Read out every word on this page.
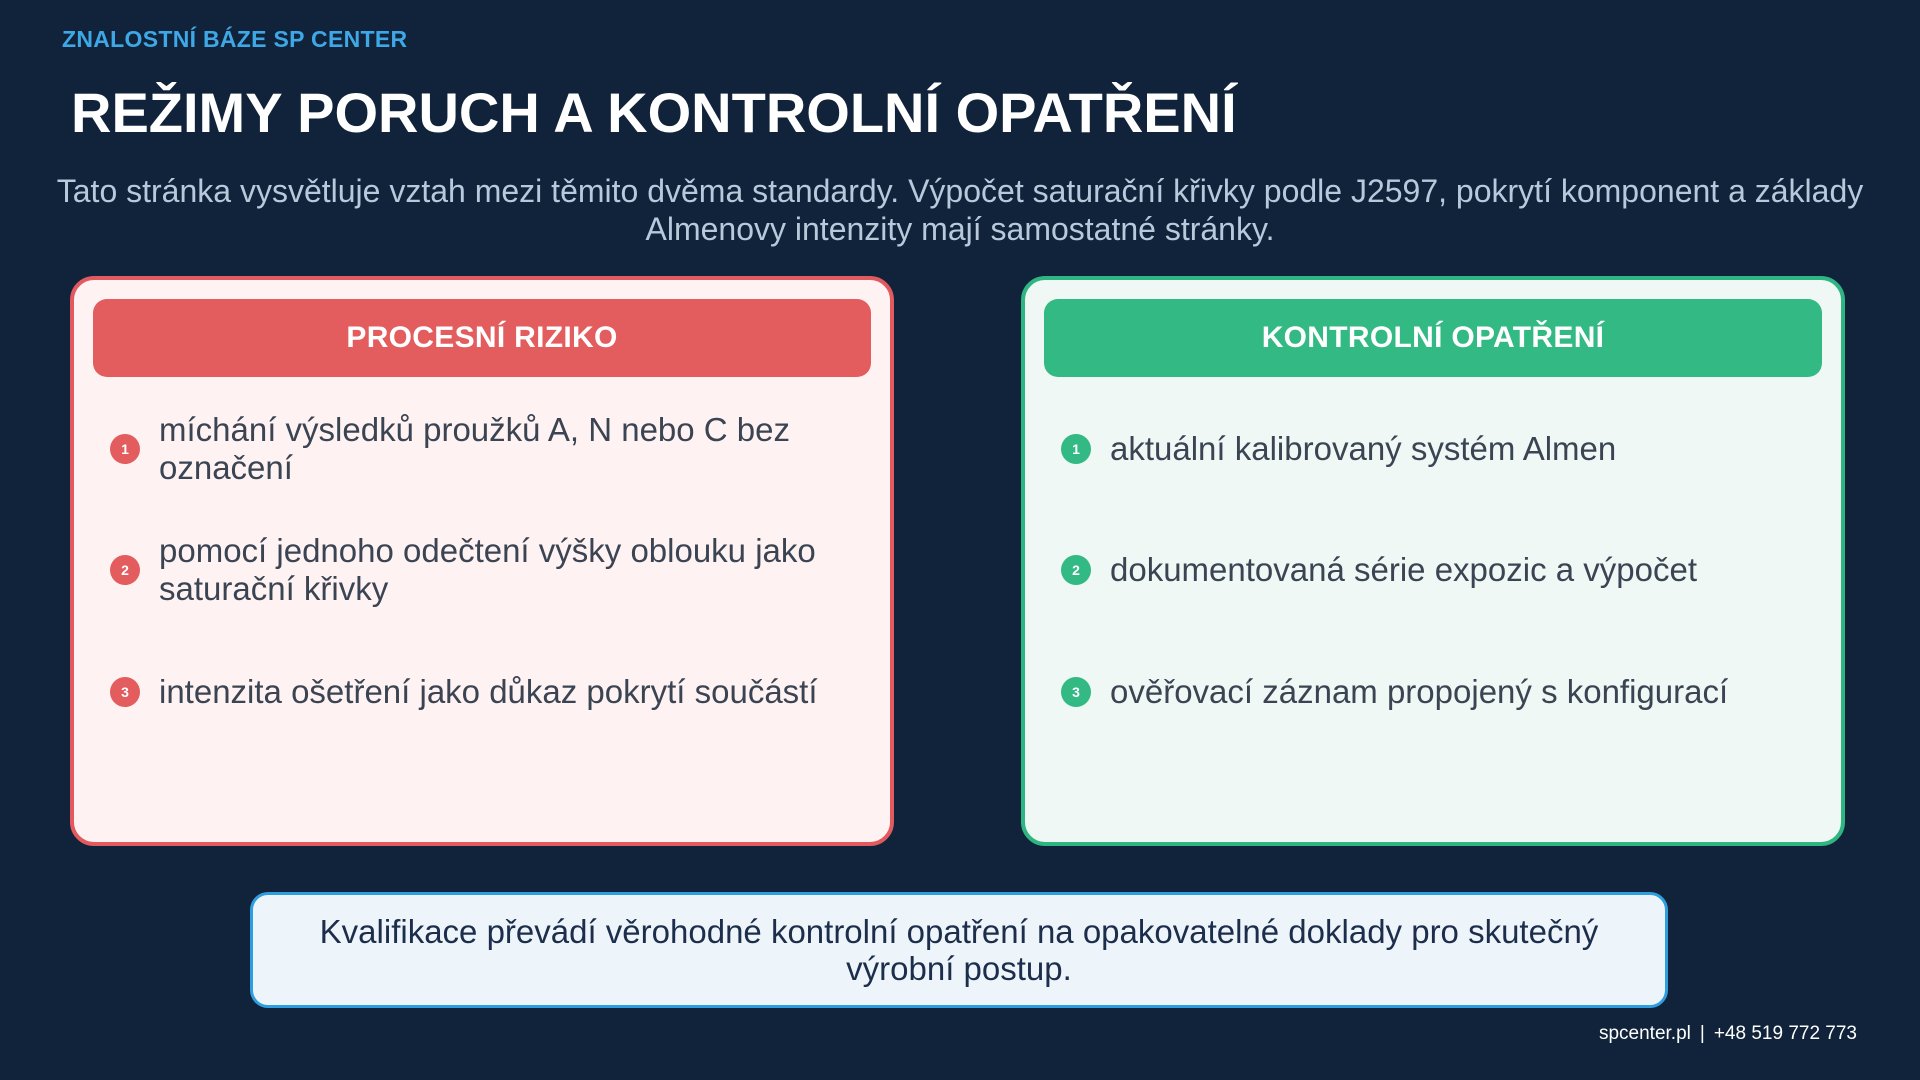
ZNALOSTNÍ BÁZE SP CENTER
REŽIMY PORUCH A KONTROLNÍ OPATŘENÍ
Tato stránka vysvětluje vztah mezi těmito dvěma standardy. Výpočet saturační křivky podle J2597, pokrytí komponent a základy Almenovy intenzity mají samostatné stránky.
PROCESNÍ RIZIKO
1
míchání výsledků proužků A, N nebo C bez označení
2
pomocí jednoho odečtení výšky oblouku jako saturační křivky
3 intenzita ošetření jako důkaz pokrytí součástí
KONTROLNÍ OPATŘENÍ
1 aktuální kalibrovaný systém Almen
2 dokumentovaná série expozic a výpočet
3 ověřovací záznam propojený s konfigurací
Kvalifikace převádí věrohodné kontrolní opatření na opakovatelné doklady pro skutečný výrobní postup.
spcenter.pl | +48 519 772 773
